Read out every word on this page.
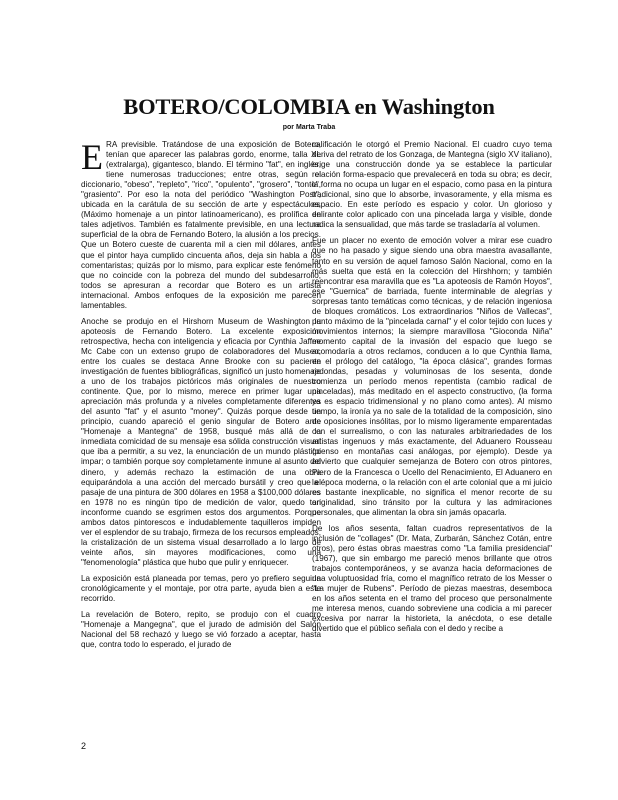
BOTERO/COLOMBIA en Washington

por Marta Traba

ERA previsible. Tratándose de una exposición de Botero, tenían que aparecer las palabras gordo, enorme, talla XL (extralarga), gigantesco, blando. El término "fat", en inglés, tiene numerosas traducciones; entre otras, según el diccionario, "obeso", "repleto", "rico", "opulento", "grosero", "tonto", "grasiento". Por eso la nota del periódico "Washington Post", ubicada en la carátula de su sección de arte y espectáculos, (Máximo homenaje a un pintor latinoamericano), es prolífica en tales adjetivos. También es fatalmente previsible, en una lectura superficial de la obra de Fernando Botero, la alusión a los precios. Que un Botero cueste de cuarenta mil a cien mil dólares, antes que el pintor haya cumplido cincuenta años, deja sin habla a los comentaristas; quizás por lo mismo, para explicar este fenómeno que no coincide con la pobreza del mundo del subdesarrollo, todos se apresuran a recordar que Botero es un artista internacional. Ambos enfoques de la exposición me parecen lamentables.

Anoche se produjo en el Hirshorn Museum de Washington la apoteosis de Fernando Botero. La excelente exposición retrospectiva, hecha con inteligencia y eficacia por Cynthia Jaffee Mc Cabe con un extenso grupo de colaboradores del Museo, entre los cuales se destaca Anne Brooke con su paciente investigación de fuentes bibliográficas, significó un justo homenaje a uno de los trabajos pictóricos más originales de nuestro continente. Que, por lo mismo, merece en primer lugar una apreciación más profunda y a niveles completamente diferentes del asunto "fat" y el asunto "money". Quizás porque desde un principio, cuando apareció el genio singular de Botero ante "Homenaje a Mantegna" de 1958, busqué más allá de la inmediata comicidad de su mensaje esa sólida construcción visual que iba a permitir, a su vez, la enunciación de un mundo plástico impar; o también porque soy completamente inmune al asunto del dinero, y además rechazo la estimación de una obra equiparándola a una acción del mercado bursátil y creo que el pasaje de una pintura de 300 dólares en 1958 a $100,000 dólares en 1978 no es ningún tipo de medición de valor, quedo tan inconforme cuando se esgrimen estos dos argumentos. Porque ambos datos pintorescos e indudablemente taquilleros impiden ver el esplendor de su trabajo, firmeza de los recursos empleados, la cristalización de un sistema visual desarrollado a lo largo de veinte años, sin mayores modificaciones, como una "fenomenología" plástica que hubo que pulir y enriquecer.

La exposición está planeada por temas, pero yo prefiero seguirla cronológicamente y el montaje, por otra parte, ayuda bien a este recorrido.

La revelación de Botero, repito, se produjo con el cuadro "Homenaje a Mangegna", que el jurado de admisión del Salón Nacional del 58 rechazó y luego se vió forzado a aceptar, hasta que, contra todo lo esperado, el jurado de

calificación le otorgó el Premio Nacional. El cuadro cuyo tema deriva del retrato de los Gonzaga, de Mantegna (siglo XV italiano), erige una construcción donde ya se establece la particular relación forma-espacio que prevalecerá en toda su obra; es decir, la forma no ocupa un lugar en el espacio, como pasa en la pintura tradicional, sino que lo absorbe, invasoramente, y ella misma es espacio. En este período es espacio y color. Un glorioso y delirante color aplicado con una pincelada larga y visible, donde radica la sensualidad, que más tarde se trasladaría al volumen.

Fue un placer no exento de emoción volver a mirar ese cuadro que no ha pasado y sigue siendo una obra maestra avasallante, tanto en su versión de aquel famoso Salón Nacional, como en la más suelta que está en la colección del Hirshhorn; y también reencontrar esa maravilla que es "La apoteosis de Ramón Hoyos", ese "Guernica" de barriada, fuente interminable de alegrías y sorpresas tanto temáticas como técnicas, y de relación ingeniosa de bloques cromáticos. Los extraordinarios "Niños de Vallecas", punto máximo de la "pincelada carnal" y el color tejido con luces y movimientos internos; la siempre maravillosa "Gioconda Niña" momento capital de la invasión del espacio que luego se acomodaría a otros reclamos, conducen a lo que Cynthia llama, en el prólogo del catálogo, "la época clásica", grandes formas redondas, pesadas y voluminosas de los sesenta, donde comienza un período menos repentista (cambio radical de pinceladas), más meditado en el aspecto constructivo, (la forma ya es espacio tridimensional y no plano como antes). Al mismo tiempo, la ironía ya no sale de la totalidad de la composición, sino de oposiciones insólitas, por lo mismo ligeramente emparentadas con el surrealismo, o con las naturales arbitrariedades de los artistas ingenuos y más exactamente, del Aduanero Rousseau (pienso en montañas casi análogas, por ejemplo). Desde ya advierto que cualquier semejanza de Botero con otros pintores, Piero de la Francesca o Ucello del Renacimiento, El Aduanero en la época moderna, o la relación con el arte colonial que a mi juicio es bastante inexplicable, no significa el menor recorte de su originalidad, sino tránsito por la cultura y las admiraciones personales, que alimentan la obra sin jamás opacarla.

De los años sesenta, faltan cuadros representativos de la inclusión de "collages" (Dr. Mata, Zurbarán, Sánchez Cotán, entre otros), pero éstas obras maestras como "La familia presidencial" (1967), que sin embargo me pareció menos brillante que otros trabajos contemporáneos, y se avanza hacia deformaciones de una voluptuosidad fría, como el magnífico retrato de los Messer o "La mujer de Rubens". Período de piezas maestras, desemboca en los años setenta en el tramo del proceso que personalmente me interesa menos, cuando sobreviene una codicia a mi parecer excesiva por narrar la historieta, la anécdota, o ese detalle divertido que el público señala con el dedo y recibe a

2
